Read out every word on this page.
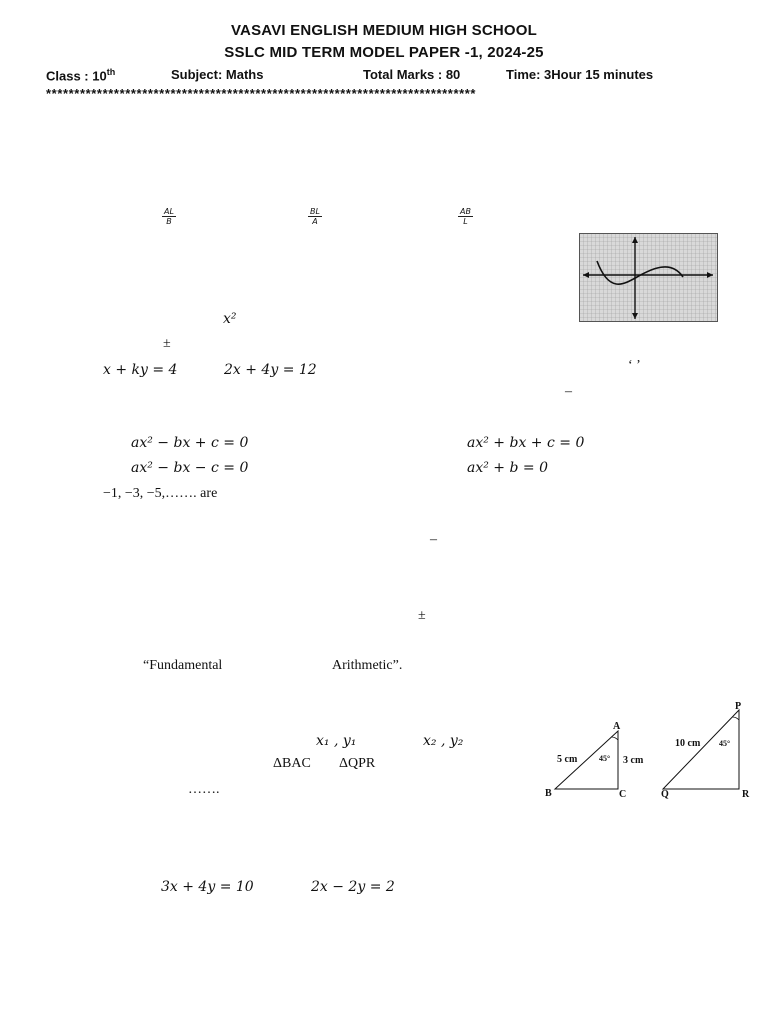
VASAVI ENGLISH MEDIUM HIGH SCHOOL
SSLC MID TERM MODEL PAPER -1, 2024-25
Class : 10th	Subject: Maths	Total Marks : 80	Time: 3Hour 15 minutes
****************************************************************************
$\frac{AL}{B}$	$\frac{BL}{A}$	$\frac{AB}{L}$
x²
±
x + ky = 4	2x + 4y = 12	‘ ’
–
ax² − bx + c = 0	ax² + bx + c = 0
ax² − bx − c = 0	ax² + b = 0
−1, −3, −5,……. are
–
±
“Fundamental	Arithmetic”.
x₁ , y₁	x₂ , y₂
ΔBAC ΔQPR
…….
A
B	C
5 cm	3 cm
45°
P
Q	R
10 cm 45°
3x + 4y = 10	2x − 2y = 2
